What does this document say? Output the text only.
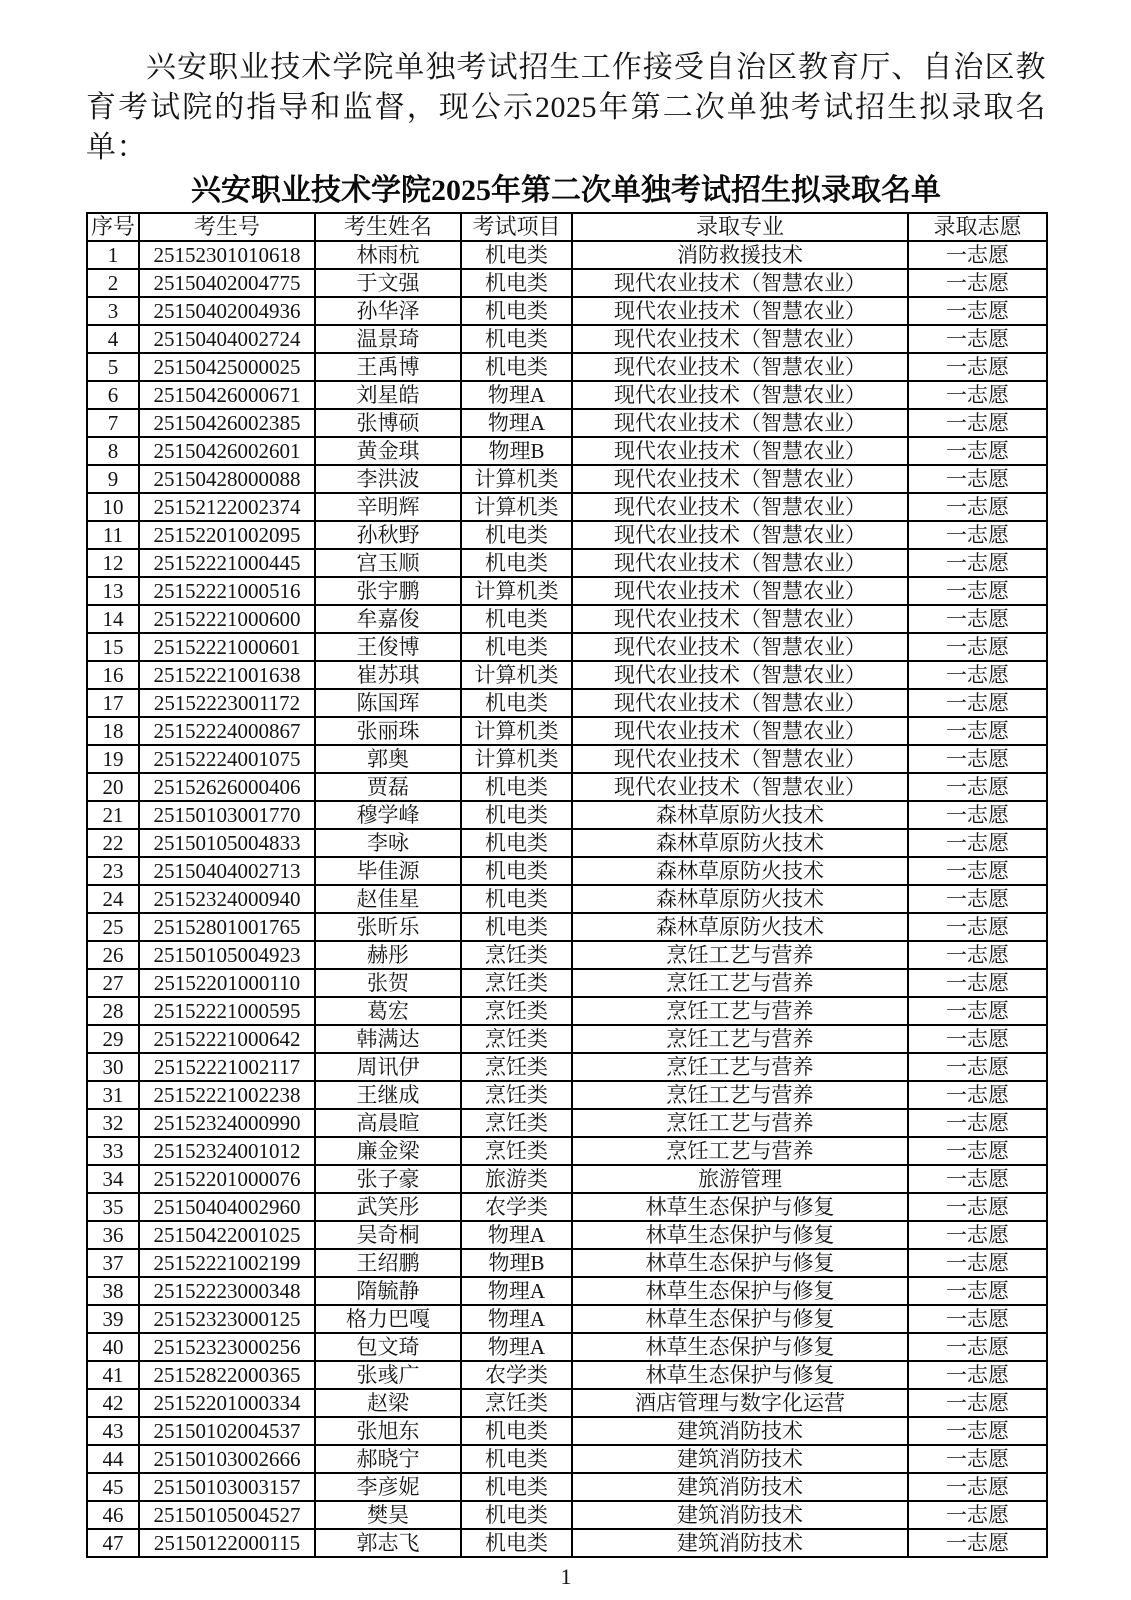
兴安职业技术学院单独考试招生工作接受自治区教育厅、自治区教育考试院的指导和监督，现公示2025年第二次单独考试招生拟录取名单：

兴安职业技术学院2025年第二次单独考试招生拟录取名单
序号	考生号	考生姓名	考试项目	录取专业	录取志愿
1	25152301010618	林雨杭	机电类	消防救援技术	一志愿
2	25150402004775	于文强	机电类	现代农业技术（智慧农业）	一志愿
3	25150402004936	孙华泽	机电类	现代农业技术（智慧农业）	一志愿
4	25150404002724	温景琦	机电类	现代农业技术（智慧农业）	一志愿
5	25150425000025	王禹博	机电类	现代农业技术（智慧农业）	一志愿
6	25150426000671	刘星皓	物理A	现代农业技术（智慧农业）	一志愿
7	25150426002385	张博硕	物理A	现代农业技术（智慧农业）	一志愿
8	25150426002601	黄金琪	物理B	现代农业技术（智慧农业）	一志愿
9	25150428000088	李洪波	计算机类	现代农业技术（智慧农业）	一志愿
10	25152122002374	辛明辉	计算机类	现代农业技术（智慧农业）	一志愿
11	25152201002095	孙秋野	机电类	现代农业技术（智慧农业）	一志愿
12	25152221000445	宫玉顺	机电类	现代农业技术（智慧农业）	一志愿
13	25152221000516	张宇鹏	计算机类	现代农业技术（智慧农业）	一志愿
14	25152221000600	牟嘉俊	机电类	现代农业技术（智慧农业）	一志愿
15	25152221000601	王俊博	机电类	现代农业技术（智慧农业）	一志愿
16	25152221001638	崔苏琪	计算机类	现代农业技术（智慧农业）	一志愿
17	25152223001172	陈国珲	机电类	现代农业技术（智慧农业）	一志愿
18	25152224000867	张丽珠	计算机类	现代农业技术（智慧农业）	一志愿
19	25152224001075	郭奥	计算机类	现代农业技术（智慧农业）	一志愿
20	25152626000406	贾磊	机电类	现代农业技术（智慧农业）	一志愿
21	25150103001770	穆学峰	机电类	森林草原防火技术	一志愿
22	25150105004833	李咏	机电类	森林草原防火技术	一志愿
23	25150404002713	毕佳源	机电类	森林草原防火技术	一志愿
24	25152324000940	赵佳星	机电类	森林草原防火技术	一志愿
25	25152801001765	张昕乐	机电类	森林草原防火技术	一志愿
26	25150105004923	赫彤	烹饪类	烹饪工艺与营养	一志愿
27	25152201000110	张贺	烹饪类	烹饪工艺与营养	一志愿
28	25152221000595	葛宏	烹饪类	烹饪工艺与营养	一志愿
29	25152221000642	韩满达	烹饪类	烹饪工艺与营养	一志愿
30	25152221002117	周讯伊	烹饪类	烹饪工艺与营养	一志愿
31	25152221002238	王继成	烹饪类	烹饪工艺与营养	一志愿
32	25152324000990	高晨暄	烹饪类	烹饪工艺与营养	一志愿
33	25152324001012	廉金梁	烹饪类	烹饪工艺与营养	一志愿
34	25152201000076	张子豪	旅游类	旅游管理	一志愿
35	25150404002960	武笑彤	农学类	林草生态保护与修复	一志愿
36	25150422001025	吴奇桐	物理A	林草生态保护与修复	一志愿
37	25152221002199	王绍鹏	物理B	林草生态保护与修复	一志愿
38	25152223000348	隋毓静	物理A	林草生态保护与修复	一志愿
39	25152323000125	格力巴嘎	物理A	林草生态保护与修复	一志愿
40	25152323000256	包文琦	物理A	林草生态保护与修复	一志愿
41	25152822000365	张彧广	农学类	林草生态保护与修复	一志愿
42	25152201000334	赵梁	烹饪类	酒店管理与数字化运营	一志愿
43	25150102004537	张旭东	机电类	建筑消防技术	一志愿
44	25150103002666	郝晓宁	机电类	建筑消防技术	一志愿
45	25150103003157	李彦妮	机电类	建筑消防技术	一志愿
46	25150105004527	樊昊	机电类	建筑消防技术	一志愿
47	25150122000115	郭志飞	机电类	建筑消防技术	一志愿
1
